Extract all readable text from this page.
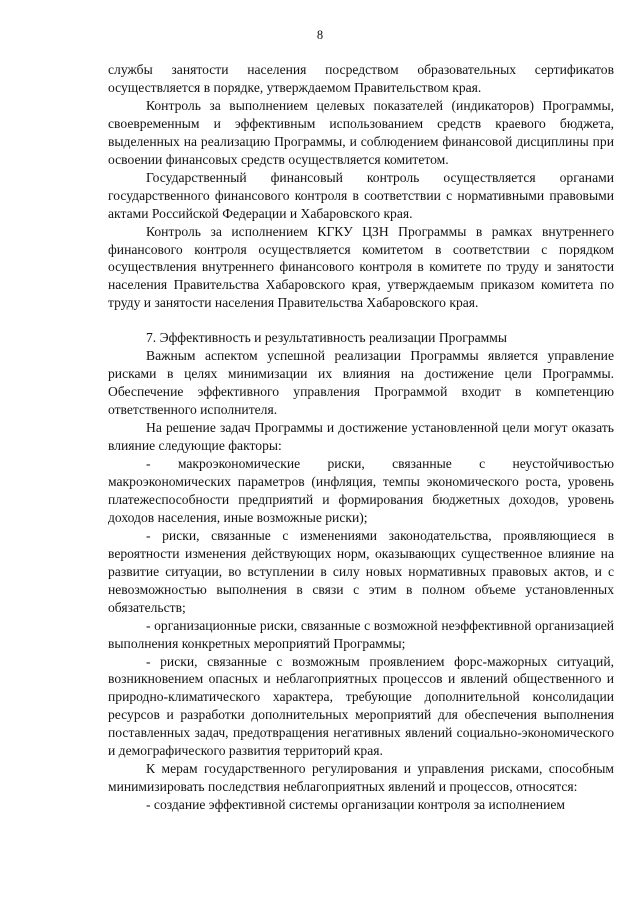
8

службы занятости населения посредством образовательных сертификатов осуществляется в порядке, утверждаемом Правительством края.

Контроль за выполнением целевых показателей (индикаторов) Программы, своевременным и эффективным использованием средств краевого бюджета, выделенных на реализацию Программы, и соблюдением финансовой дисциплины при освоении финансовых средств осуществляется комитетом.

Государственный финансовый контроль осуществляется органами государственного финансового контроля в соответствии с нормативными правовыми актами Российской Федерации и Хабаровского края.

Контроль за исполнением КГКУ ЦЗН Программы в рамках внутреннего финансового контроля осуществляется комитетом в соответствии с порядком осуществления внутреннего финансового контроля в комитете по труду и занятости населения Правительства Хабаровского края, утверждаемым приказом комитета по труду и занятости населения Правительства Хабаровского края.

7. Эффективность и результативность реализации Программы

Важным аспектом успешной реализации Программы является управление рисками в целях минимизации их влияния на достижение цели Программы. Обеспечение эффективного управления Программой входит в компетенцию ответственного исполнителя.

На решение задач Программы и достижение установленной цели могут оказать влияние следующие факторы:

- макроэкономические риски, связанные с неустойчивостью макроэкономических параметров (инфляция, темпы экономического роста, уровень платежеспособности предприятий и формирования бюджетных доходов, уровень доходов населения, иные возможные риски);

- риски, связанные с изменениями законодательства, проявляющиеся в вероятности изменения действующих норм, оказывающих существенное влияние на развитие ситуации, во вступлении в силу новых нормативных правовых актов, и с невозможностью выполнения в связи с этим в полном объеме установленных обязательств;

- организационные риски, связанные с возможной неэффективной организацией выполнения конкретных мероприятий Программы;

- риски, связанные с возможным проявлением форс-мажорных ситуаций, возникновением опасных и неблагоприятных процессов и явлений общественного и природно-климатического характера, требующие дополнительной консолидации ресурсов и разработки дополнительных мероприятий для обеспечения выполнения поставленных задач, предотвращения негативных явлений социально-экономического и демографического развития территорий края.

К мерам государственного регулирования и управления рисками, способным минимизировать последствия неблагоприятных явлений и процессов, относятся:

- создание эффективной системы организации контроля за исполнением
